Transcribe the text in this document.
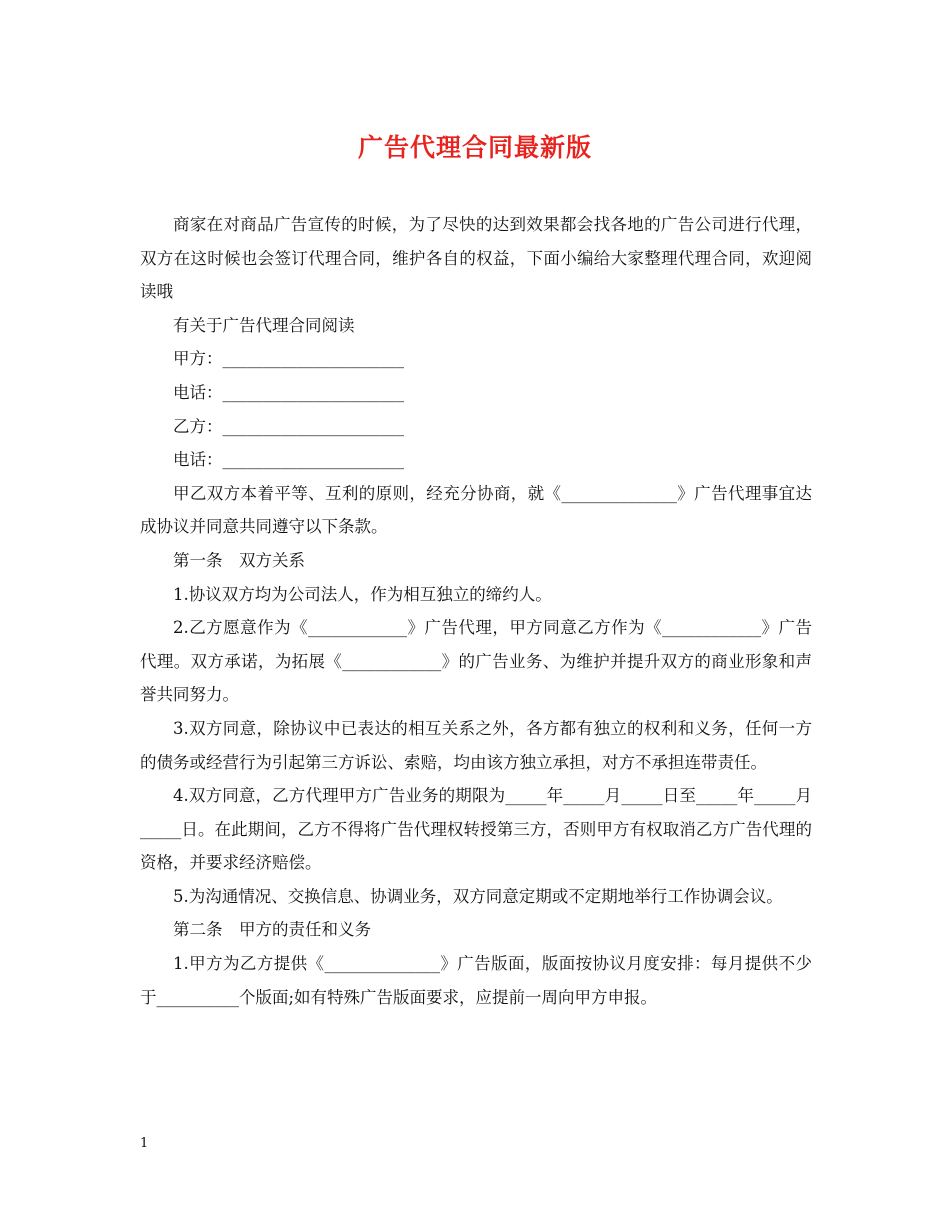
广告代理合同最新版

商家在对商品广告宣传的时候，为了尽快的达到效果都会找各地的广告公司进行代理，双方在这时候也会签订代理合同，维护各自的权益，下面小编给大家整理代理合同，欢迎阅读哦

有关于广告代理合同阅读

甲方：______________________

电话：______________________

乙方：______________________

电话：______________________

甲乙双方本着平等、互利的原则，经充分协商，就《______________》广告代理事宜达成协议并同意共同遵守以下条款。

第一条　双方关系

1.协议双方均为公司法人，作为相互独立的缔约人。

2.乙方愿意作为《____________》广告代理，甲方同意乙方作为《____________》广告代理。双方承诺，为拓展《____________》的广告业务、为维护并提升双方的商业形象和声誉共同努力。

3.双方同意，除协议中已表达的相互关系之外，各方都有独立的权利和义务，任何一方的债务或经营行为引起第三方诉讼、索赔，均由该方独立承担，对方不承担连带责任。

4.双方同意，乙方代理甲方广告业务的期限为_____年_____月_____日至_____年_____月_____日。在此期间，乙方不得将广告代理权转授第三方，否则甲方有权取消乙方广告代理的资格，并要求经济赔偿。

5.为沟通情况、交换信息、协调业务，双方同意定期或不定期地举行工作协调会议。

第二条　甲方的责任和义务

1.甲方为乙方提供《______________》广告版面，版面按协议月度安排：每月提供不少于__________个版面;如有特殊广告版面要求，应提前一周向甲方申报。

1
